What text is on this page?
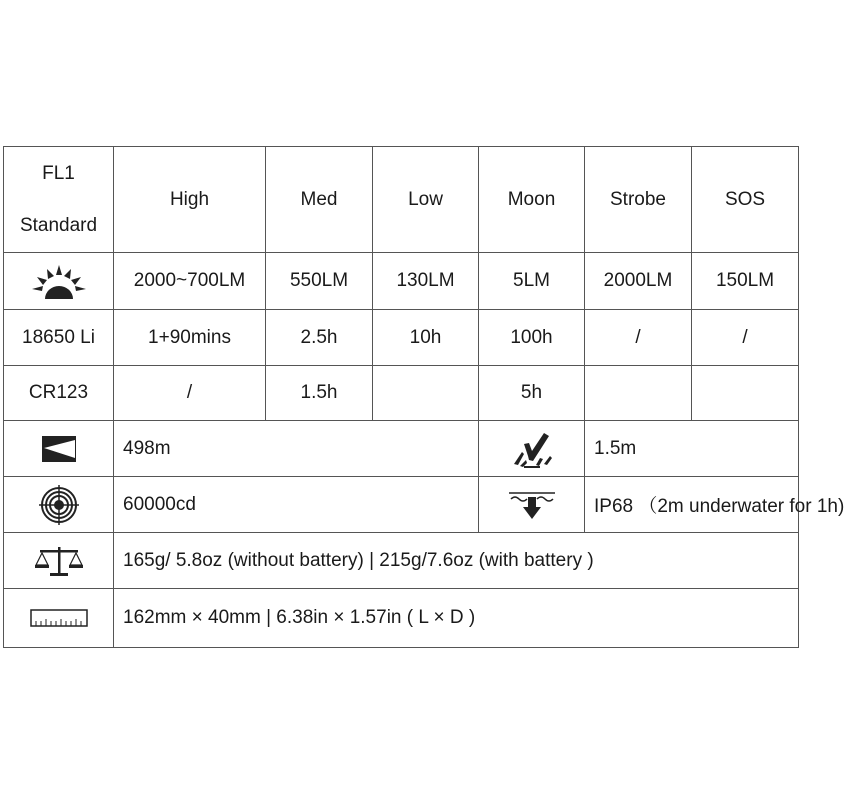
FL1
Standard	High	Med	Low	Moon	Strobe	SOS

	2000~700LM	550LM	130LM	5LM	2000LM	150LM
18650 Li	1+90mins	2.5h	10h	100h	/	/
CR123	/	1.5h		5h		

	498m				1.5m	

	60000cd				IP68 （2m underwater for 1h)	

	165g/ 5.8oz (without battery) | 215g/7.6oz (with battery )					

	162mm × 40mm | 6.38in × 1.57in ( L × D )					
